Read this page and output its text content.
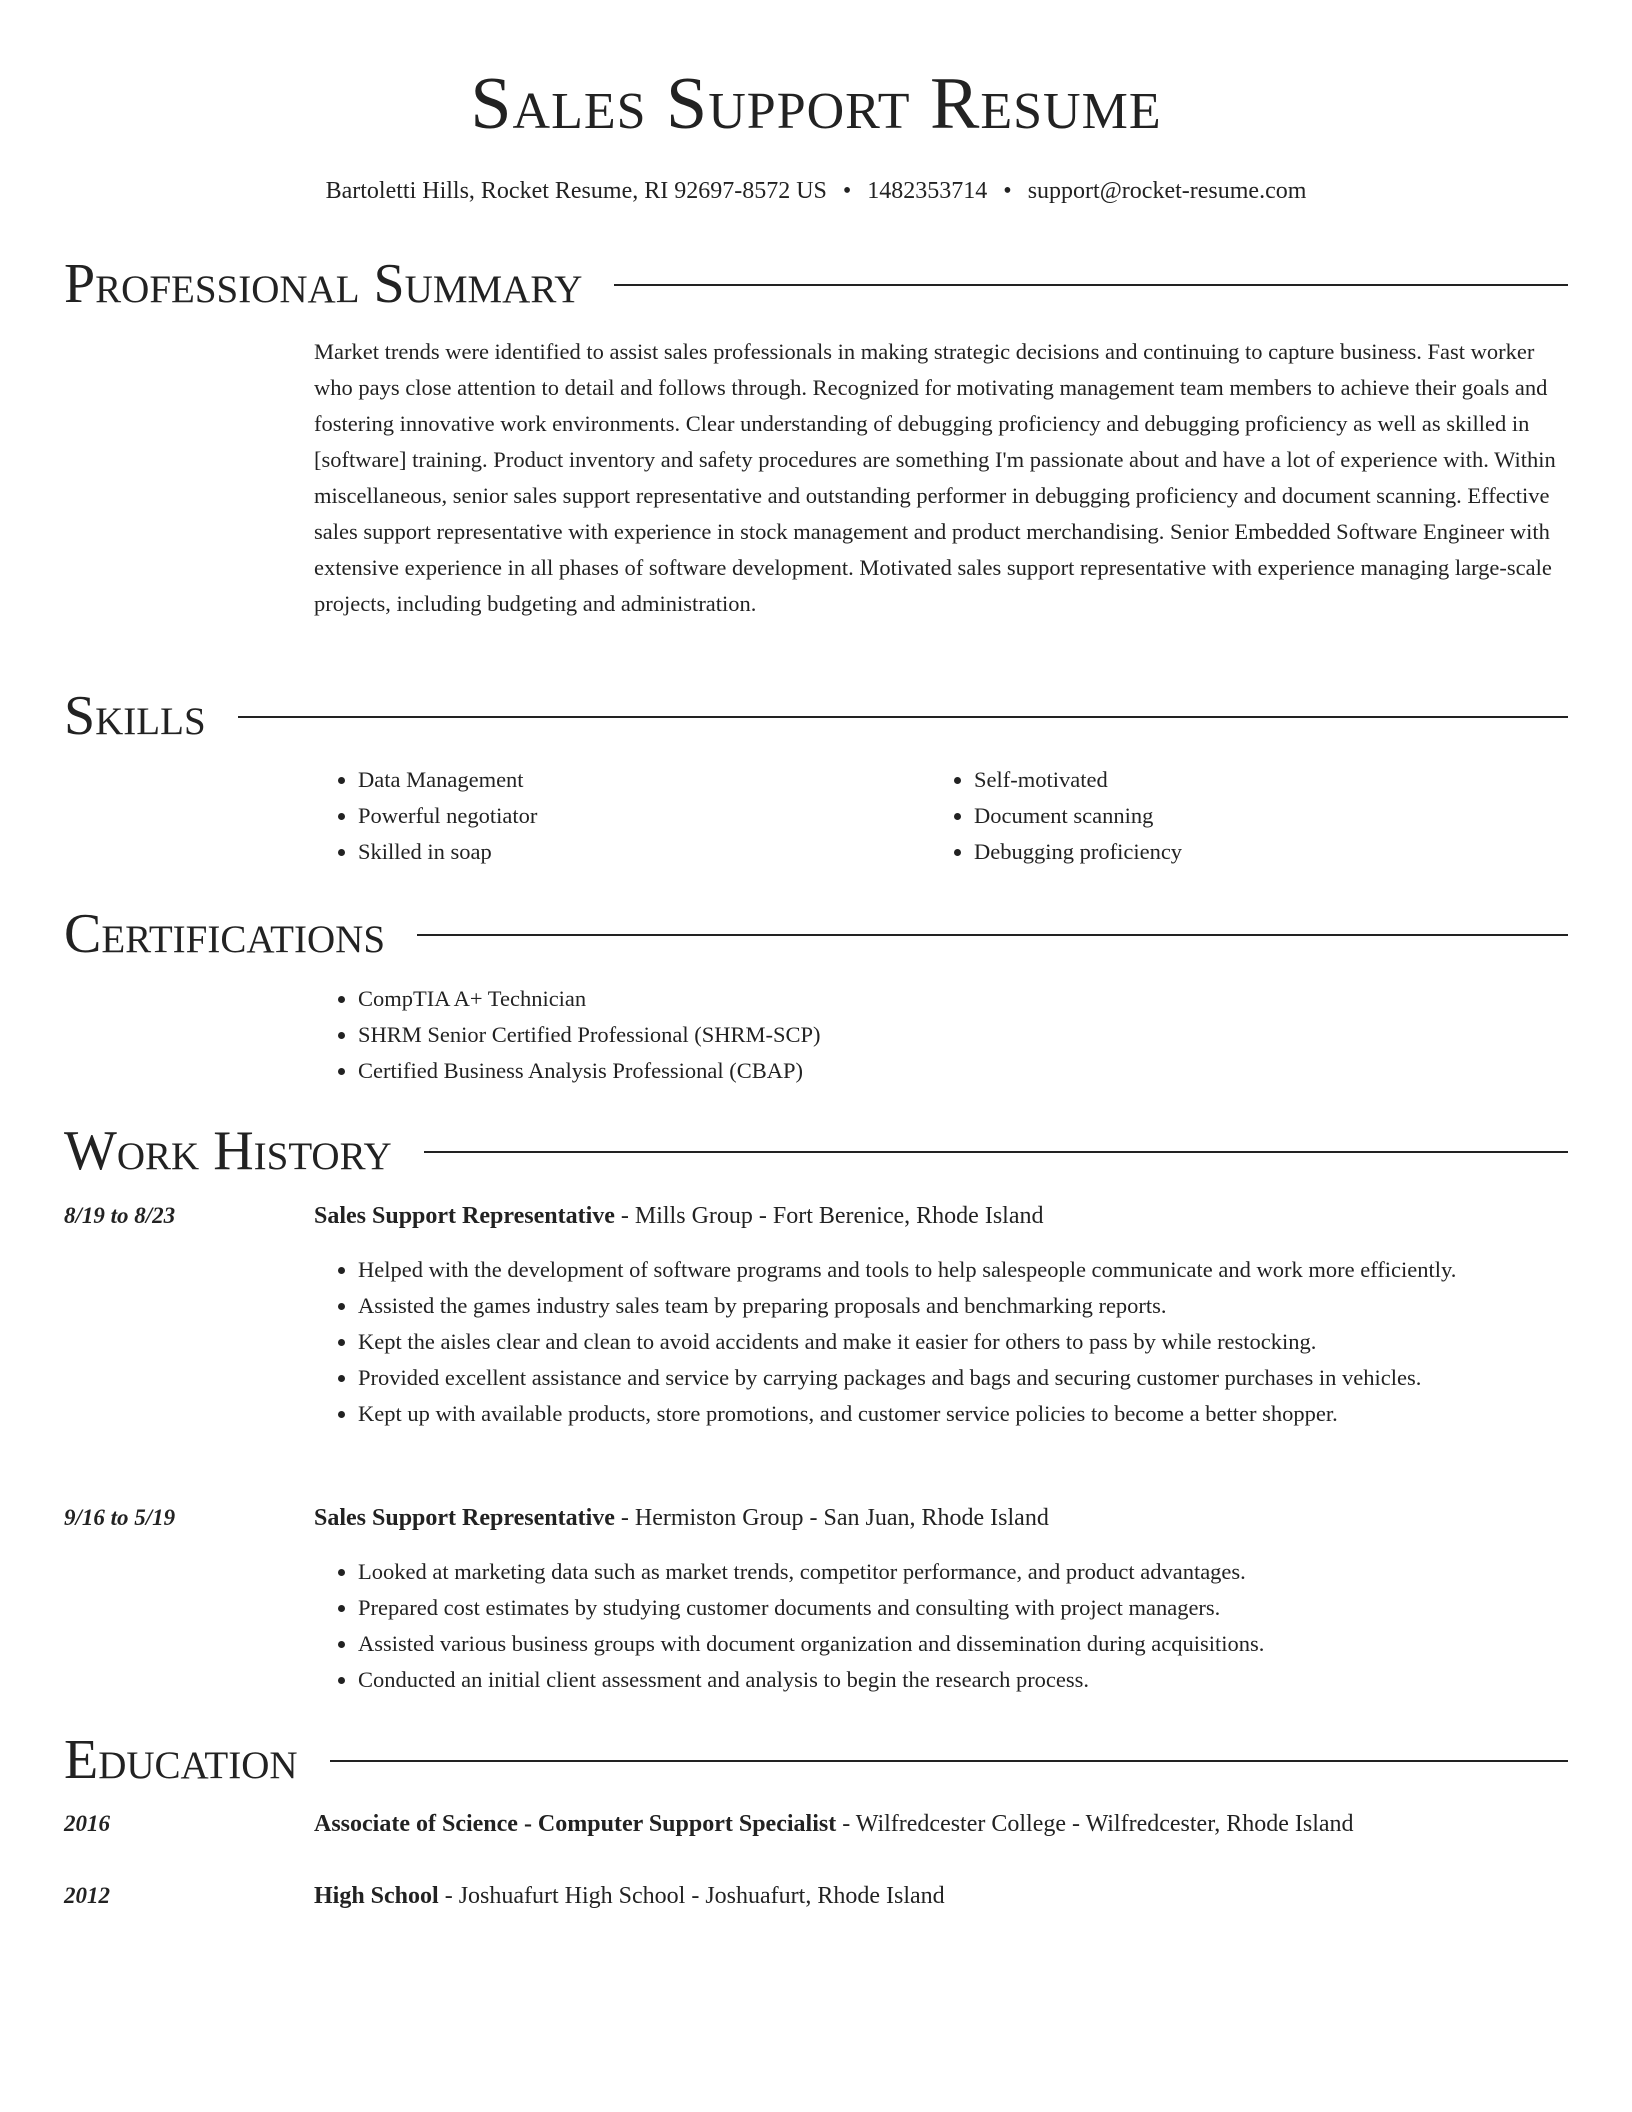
Sales Support Resume
Bartoletti Hills, Rocket Resume, RI 92697-8572 US • 1482353714 • support@rocket-resume.com
Professional Summary

Market trends were identified to assist sales professionals in making strategic decisions and continuing to capture business. Fast worker who pays close attention to detail and follows through. Recognized for motivating management team members to achieve their goals and fostering innovative work environments. Clear understanding of debugging proficiency and debugging proficiency as well as skilled in [software] training. Product inventory and safety procedures are something I'm passionate about and have a lot of experience with. Within miscellaneous, senior sales support representative and outstanding performer in debugging proficiency and document scanning. Effective sales support representative with experience in stock management and product merchandising. Senior Embedded Software Engineer with extensive experience in all phases of software development. Motivated sales support representative with experience managing large-scale projects, including budgeting and administration.

Skills
• Data Management
• Powerful negotiator
• Skilled in soap
• Self-motivated
• Document scanning
• Debugging proficiency
Certifications
• CompTIA A+ Technician
• SHRM Senior Certified Professional (SHRM-SCP)
• Certified Business Analysis Professional (CBAP)
Work History
8/19 to 8/23	Sales Support Representative - Mills Group - Fort Berenice, Rhode Island
• Helped with the development of software programs and tools to help salespeople communicate and work more efficiently.
• Assisted the games industry sales team by preparing proposals and benchmarking reports.
• Kept the aisles clear and clean to avoid accidents and make it easier for others to pass by while restocking.
• Provided excellent assistance and service by carrying packages and bags and securing customer purchases in vehicles.
• Kept up with available products, store promotions, and customer service policies to become a better shopper.
9/16 to 5/19	Sales Support Representative - Hermiston Group - San Juan, Rhode Island
• Looked at marketing data such as market trends, competitor performance, and product advantages.
• Prepared cost estimates by studying customer documents and consulting with project managers.
• Assisted various business groups with document organization and dissemination during acquisitions.
• Conducted an initial client assessment and analysis to begin the research process.
Education
2016	Associate of Science - Computer Support Specialist - Wilfredcester College - Wilfredcester, Rhode Island
2012	High School - Joshuafurt High School - Joshuafurt, Rhode Island
